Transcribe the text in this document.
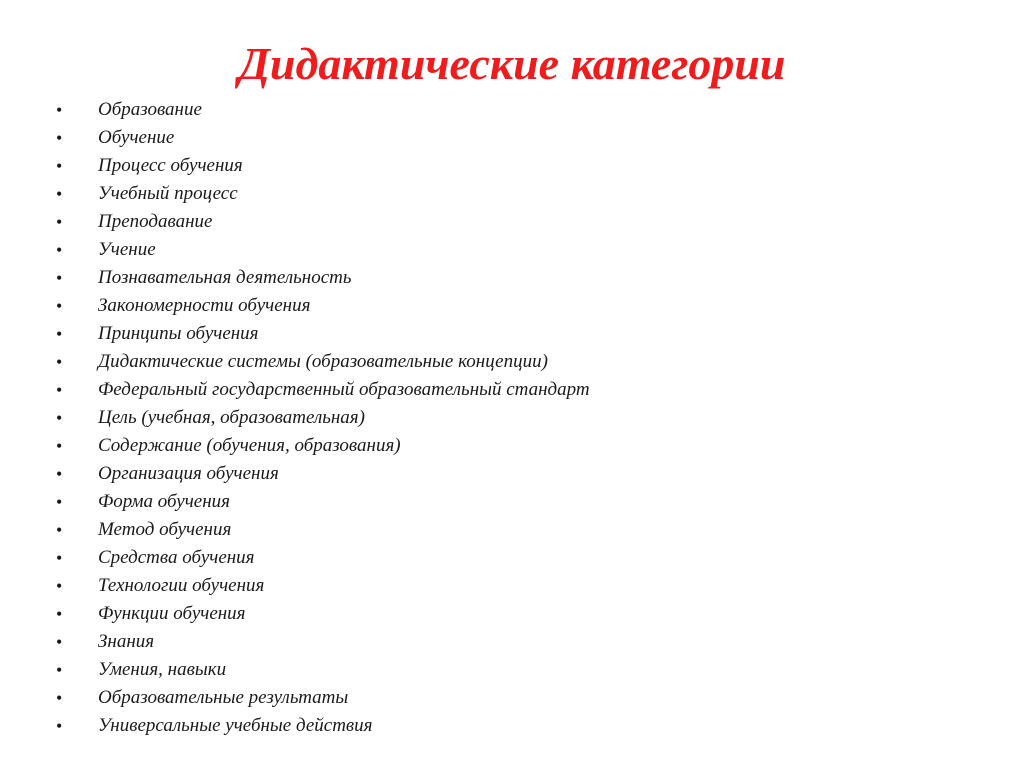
Дидактические категории
•	Образование
•	Обучение
•	Процесс обучения
•	Учебный процесс
•	Преподавание
•	Учение
•	Познавательная деятельность
•	Закономерности обучения
•	Принципы обучения
•	Дидактические системы (образовательные концепции)
•	Федеральный государственный образовательный стандарт
•	Цель (учебная, образовательная)
•	Содержание (обучения, образования)
•	Организация обучения
•	Форма обучения
•	Метод обучения
•	Средства обучения
•	Технологии обучения
•	Функции обучения
•	Знания
•	Умения, навыки
•	Образовательные результаты
•	Универсальные учебные действия
